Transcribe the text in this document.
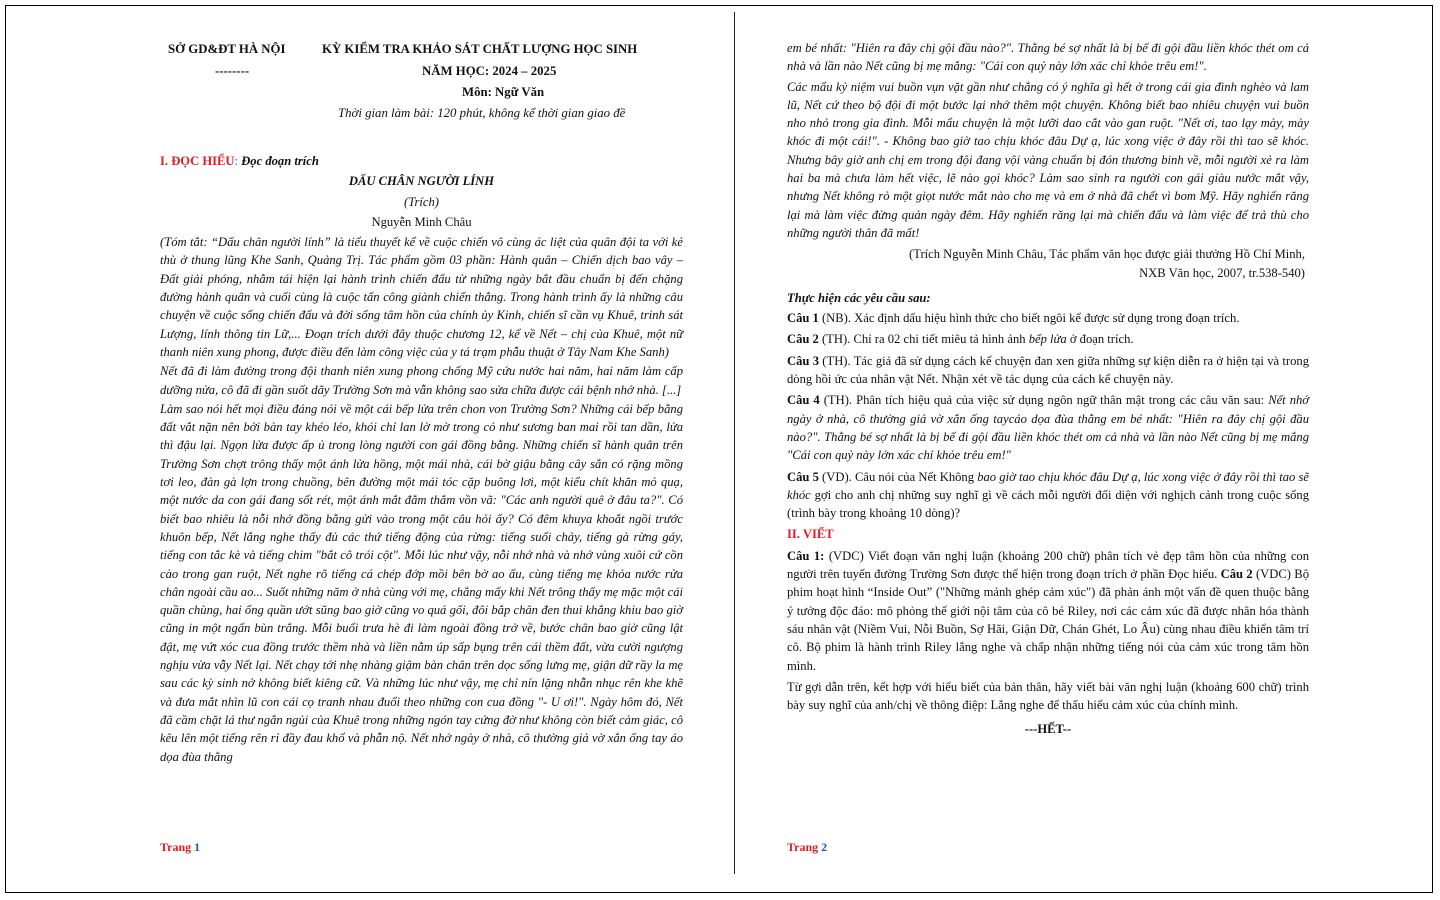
SỞ GD&ĐT HÀ NỘI
--------
KỲ KIỂM TRA KHẢO SÁT CHẤT LƯỢNG HỌC SINH
NĂM HỌC: 2024 – 2025
Môn: Ngữ Văn
Thời gian làm bài: 120 phút, không kể thời gian giao đề

I. ĐỌC HIỂU: Đọc đoạn trích

DẤU CHÂN NGƯỜI LÍNH

(Trích)

Nguyễn Minh Châu

(Tóm tắt: “Dấu chân người lính” là tiểu thuyết kể về cuộc chiến vô cùng ác liệt của quân đội ta với kẻ thù ở thung lũng Khe Sanh, Quảng Trị. Tác phẩm gồm 03 phần: Hành quân – Chiến dịch bao vây – Đất giải phóng, nhằm tái hiện lại hành trình chiến đấu từ những ngày bắt đầu chuẩn bị đến chặng đường hành quân và cuối cùng là cuộc tấn công giành chiến thắng. Trong hành trình ấy là những câu chuyện về cuộc sống chiến đấu và đời sống tâm hồn của chính ủy Kinh, chiến sĩ cần vụ Khuê, trinh sát Lượng, lính thông tin Lữ,... Đoạn trích dưới đây thuộc chương 12, kể về Nết – chị của Khuê, một nữ thanh niên xung phong, được điều đến làm công việc của y tá trạm phẫu thuật ở Tây Nam Khe Sanh)

Nết đã đi làm đường trong đội thanh niên xung phong chống Mỹ cứu nước hai năm, hai năm làm cấp dưỡng nửa, cô đã đi gần suốt dãy Trường Sơn mà vẫn không sao sửa chữa được cái bệnh nhớ nhà. [...]

Làm sao nói hết mọi điều đáng nói về một cái bếp lửa trên chon von Trường Sơn? Những cái bếp bằng đất vắt nặn nên bởi bàn tay khéo léo, khói chỉ lan lờ mờ trong cỏ như sương ban mai rồi tan dần, lửa thì đậu lại. Ngọn lửa được ấp ủ trong lòng người con gái đồng bằng. Những chiến sĩ hành quân trên Trường Sơn chợt trông thấy một ánh lửa hồng, một mái nhà, cái bờ giậu bằng cây sắn có rặng mồng tơi leo, đàn gà lợn trong chuồng, bên đường một mái tóc cặp buông lơi, một kiểu chít khăn mỏ quạ, một nước da con gái đang sốt rét, một ánh mắt đằm thắm vồn vã: "Các anh người quê ở đâu ta?". Có biết bao nhiêu là nỗi nhớ đồng bằng gửi vào trong một câu hỏi ấy? Có đêm khuya khoắt ngồi trước khuôn bếp, Nết lắng nghe thấy đủ các thứ tiếng động của rừng: tiếng suối chảy, tiếng gà rừng gáy, tiếng con tắc kè và tiếng chim "bắt cô trói cột". Mỗi lúc như vậy, nỗi nhớ nhà và nhớ vùng xuôi cứ cồn cào trong gan ruột, Nết nghe rõ tiếng cá chép đớp mồi bên bờ ao ấu, cùng tiếng mẹ khỏa nước rửa chân ngoài cầu ao... Suốt những năm ở nhà cùng với mẹ, chẳng mấy khi Nết trông thấy mẹ mặc một cái quần chùng, hai ống quần ướt sũng bao giờ cũng vo quá gối, đôi bắp chân đen thui khẳng khiu bao giờ cũng in một ngấn bùn trắng. Mỗi buổi trưa hè đi làm ngoài đồng trở về, bước chân bao giờ cũng lật đật, mẹ vứt xóc cua đồng trước thềm nhà và liền nằm úp sấp bụng trên cái thềm đất, vừa cười ngượng nghịu vừa vẫy Nết lại. Nết chạy tới nhẹ nhàng giậm bàn chân trên dọc sống lưng mẹ, giận dữ rầy la mẹ sau các kỳ sinh nở không biết kiêng cữ. Và những lúc như vậy, mẹ chỉ nín lặng nhẫn nhục rên khe khẽ và đưa mắt nhìn lũ con cái cọ tranh nhau đuổi theo những con cua đồng "- U ơi!". Ngày hôm đó, Nết đã cầm chặt lá thư ngắn ngủi của Khuê trong những ngón tay cứng đờ như không còn biết cảm giác, cô kêu lên một tiếng rên rỉ đầy đau khổ và phẫn nộ. Nết nhớ ngày ở nhà, cô thường giả vờ xắn ống tay áo dọa đùa thằng

Trang 1

em bé nhất: "Hiên ra đây chị gội đầu nào?". Thằng bé sợ nhất là bị bế đi gội đầu liền khóc thét om cả nhà và lần nào Nết cũng bị mẹ mắng: "Cái con quỷ này lớn xác chỉ khỏe trêu em!".

Các mẩu kỷ niệm vui buồn vụn vặt gần như chẳng có ý nghĩa gì hết ở trong cái gia đình nghèo và lam lũ, Nết cứ theo bộ đội đi một bước lại nhớ thêm một chuyện. Không biết bao nhiêu chuyện vui buồn nho nhỏ trong gia đình. Mỗi mẩu chuyện là một lưỡi dao cắt vào gan ruột. "Nết ơi, tao lạy mày, mày khóc đi một cái!". - Không bao giờ tao chịu khóc đâu Dự ạ, lúc xong việc ở đây rồi thì tao sẽ khóc. Nhưng bây giờ anh chị em trong đội đang vội vàng chuẩn bị đón thương binh về, mỗi người xẻ ra làm hai ba mà chưa làm hết việc, lẽ nào gọi khóc? Làm sao sinh ra người con gái giàu nước mắt vậy, nhưng Nết không rỏ một giọt nước mắt nào cho mẹ và em ở nhà đã chết vì bom Mỹ. Hãy nghiến răng lại mà làm việc đừng quản ngày đêm. Hãy nghiến răng lại mà chiến đấu và làm việc để trả thù cho những người thân đã mất!

(Trích Nguyễn Minh Châu, Tác phẩm văn học được giải thưởng Hồ Chí Minh,

NXB Văn học, 2007, tr.538-540)

Thực hiện các yêu cầu sau:

Câu 1 (NB). Xác định dấu hiệu hình thức cho biết ngôi kể được sử dụng trong đoạn trích.

Câu 2 (TH). Chỉ ra 02 chi tiết miêu tả hình ảnh bếp lửa ở đoạn trích.

Câu 3 (TH). Tác giả đã sử dụng cách kể chuyện đan xen giữa những sự kiện diễn ra ở hiện tại và trong dòng hồi ức của nhân vật Nết. Nhận xét về tác dụng của cách kể chuyện này.

Câu 4 (TH). Phân tích hiệu quả của việc sử dụng ngôn ngữ thân mật trong các câu văn sau: Nết nhớ ngày ở nhà, cô thường giả vờ xắn ống taycáo dọa đùa thằng em bé nhất: "Hiên ra đây chị gội đầu nào?". Thằng bé sợ nhất là bị bế đi gội đầu liền khóc thét om cả nhà và lần nào Nết cũng bị mẹ mắng "Cái con quỷ này lớn xác chỉ khỏe trêu em!"

Câu 5 (VD). Câu nói của Nết Không bao giờ tao chịu khóc đâu Dự ạ, lúc xong việc ở đây rồi thì tao sẽ khóc gợi cho anh chị những suy nghĩ gì về cách mỗi người đối diện với nghịch cảnh trong cuộc sống (trình bày trong khoảng 10 dòng)?

II. VIẾT

Câu 1: (VDC) Viết đoạn văn nghị luận (khoảng 200 chữ) phân tích vẻ đẹp tâm hồn của những con người trên tuyến đường Trường Sơn được thể hiện trong đoạn trích ở phần Đọc hiểu. Câu 2 (VDC) Bộ phim hoạt hình “Inside Out” ("Những mảnh ghép cảm xúc") đã phản ánh một vấn đề quen thuộc bằng ý tưởng độc đáo: mô phỏng thế giới nội tâm của cô bé Riley, nơi các cảm xúc đã được nhân hóa thành sáu nhân vật (Niềm Vui, Nỗi Buồn, Sợ Hãi, Giận Dữ, Chán Ghét, Lo Âu) cùng nhau điều khiển tâm trí cô. Bộ phim là hành trình Riley lắng nghe và chấp nhận những tiếng nói của cảm xúc trong tâm hồn mình.

Từ gợi dẫn trên, kết hợp với hiểu biết của bản thân, hãy viết bài văn nghị luận (khoảng 600 chữ) trình bày suy nghĩ của anh/chị về thông điệp: Lắng nghe để thấu hiểu cảm xúc của chính mình.

---HẾT--

Trang 2
